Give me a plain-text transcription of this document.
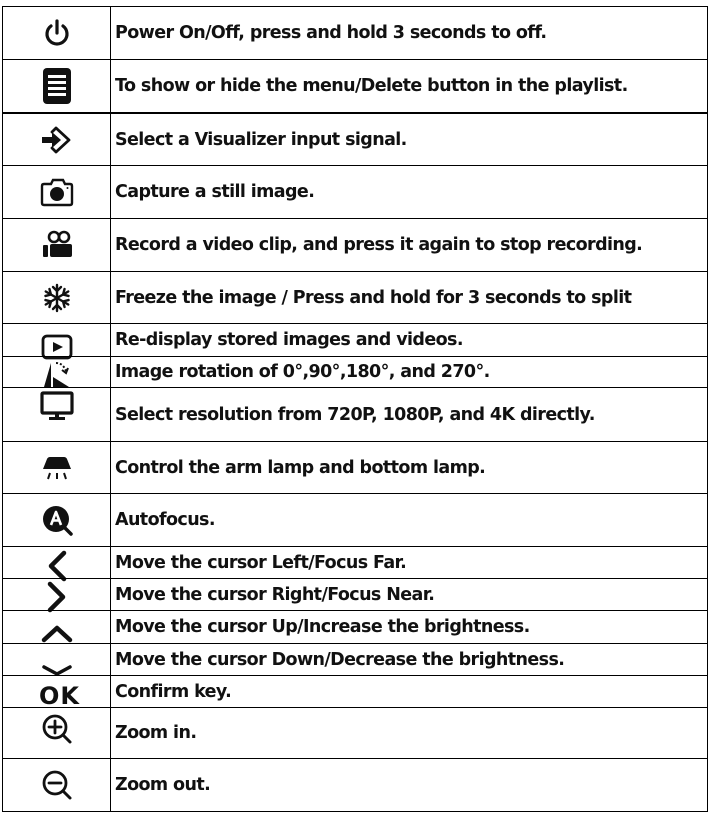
Power On/Off, press and hold 3 seconds to off.
To show or hide the menu/Delete button in the playlist.
Select a Visualizer input signal.
Capture a still image.
Record a video clip, and press it again to stop recording.
Freeze the image / Press and hold for 3 seconds to split
Re-display stored images and videos.
Image rotation of 0°,90°,180°, and 270°.
Select resolution from 720P, 1080P, and 4K directly.
Control the arm lamp and bottom lamp.
Autofocus.
Move the cursor Left/Focus Far.
Move the cursor Right/Focus Near.
Move the cursor Up/Increase the brightness.
Move the cursor Down/Decrease the brightness.
OK Confirm key.
Zoom in.
Zoom out.
